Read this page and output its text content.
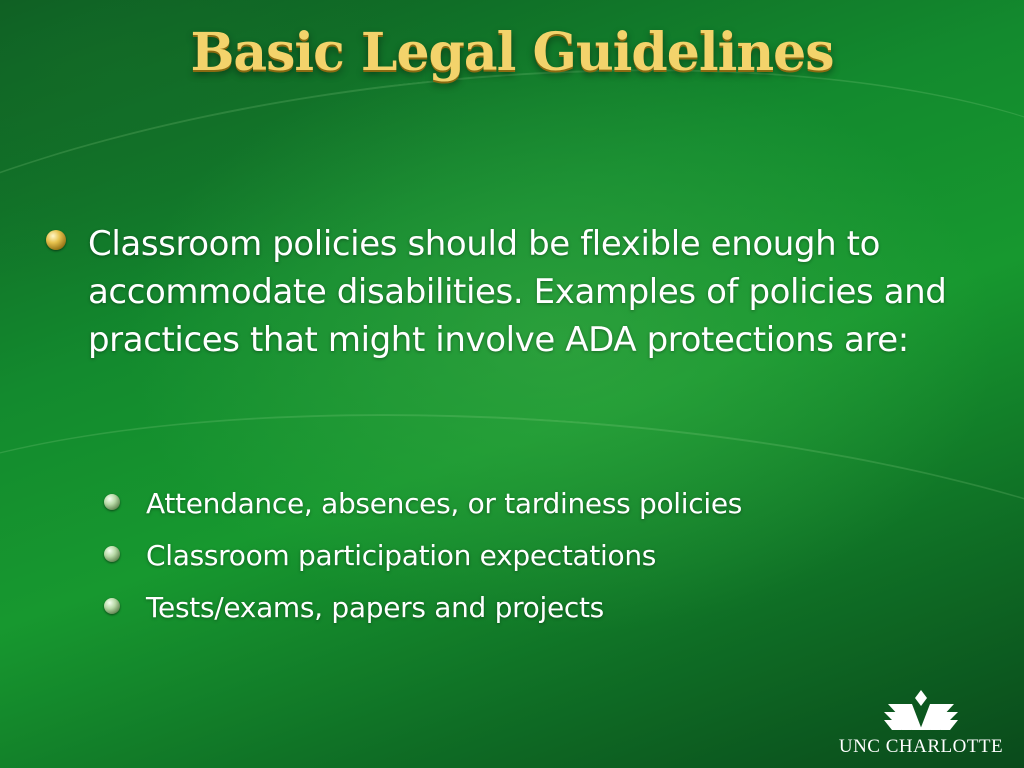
Basic Legal Guidelines
Classroom policies should be flexible enough to accommodate disabilities. Examples of policies and practices that might involve ADA protections are:
Attendance, absences, or tardiness policies
Classroom participation expectations
Tests/exams, papers and projects
UNC CHARLOTTE
